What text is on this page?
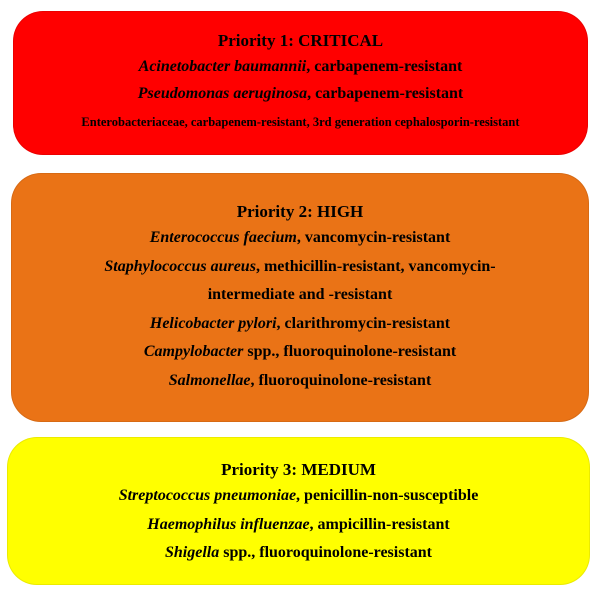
Priority 1: CRITICAL
Acinetobacter baumannii, carbapenem-resistant
Pseudomonas aeruginosa, carbapenem-resistant
Enterobacteriaceae, carbapenem-resistant, 3rd generation cephalosporin-resistant
Priority 2: HIGH
Enterococcus faecium, vancomycin-resistant
Staphylococcus aureus, methicillin-resistant, vancomycin-intermediate and -resistant
Helicobacter pylori, clarithromycin-resistant
Campylobacter spp., fluoroquinolone-resistant
Salmonellae, fluoroquinolone-resistant
Priority 3: MEDIUM
Streptococcus pneumoniae, penicillin-non-susceptible
Haemophilus influenzae, ampicillin-resistant
Shigella spp., fluoroquinolone-resistant
